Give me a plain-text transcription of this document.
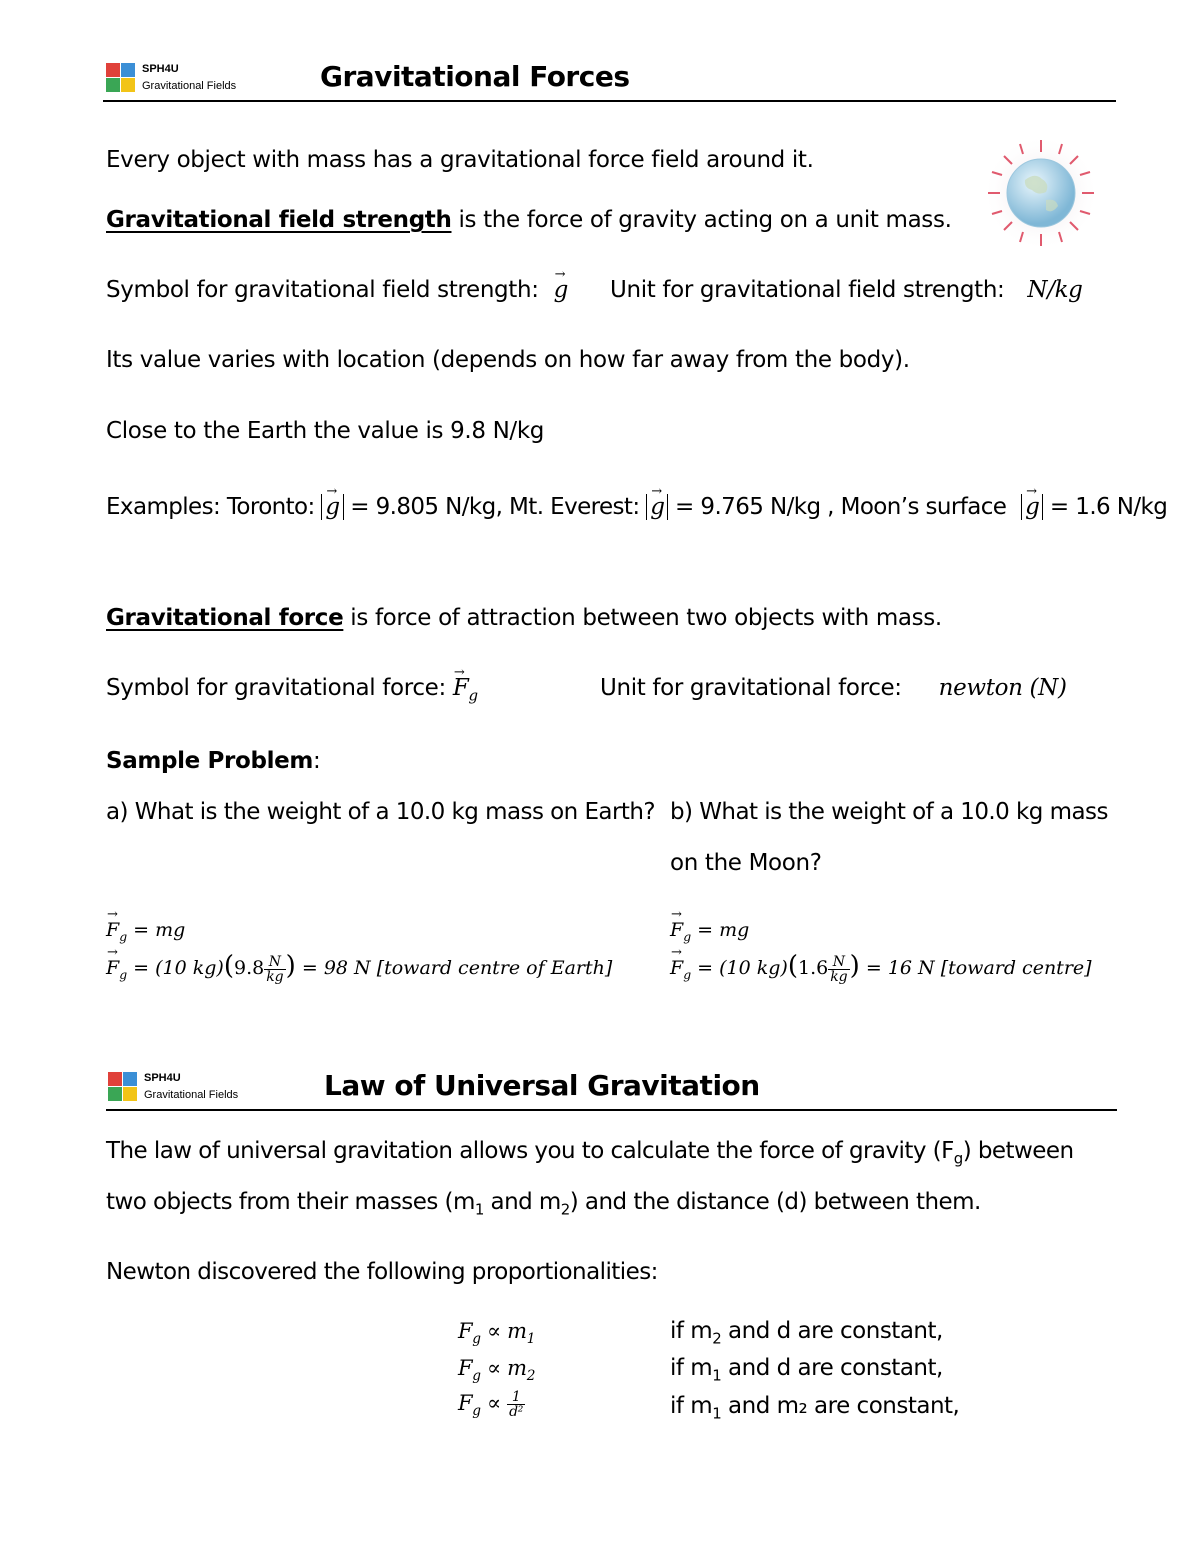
SPH4U
Gravitational Fields	Gravitational Forces
Every object with mass has a gravitational force field around it.
Gravitational field strength is the force of gravity acting on a unit mass.
Symbol for gravitational field strength: → g Unit for gravitational field strength: N/kg
Its value varies with location (depends on how far away from the body).
Close to the Earth the value is 9.8 N/kg
Examples: Toronto: → g = 9.805 N/kg, Mt. Everest: → g = 9.765 N/kg , Moon’s surface → g = 1.6 N/kg
Gravitational force is force of attraction between two objects with mass.
Symbol for gravitational force: → $F_g$	Unit for gravitational force: newton (N)
Sample Problem:
a) What is the weight of a 10.0 kg mass on Earth? b) What is the weight of a 10.0 kg mass
on the Moon?
→ $F_g$ = mg
→ $F_g = (10$ $kg)(9.8 \frac{N}{kg}$ ) = 98 N [toward centre of Earth]
→ $F_g$ = mg
→ $F_g = (10$ $kg)(1.6 \frac{N}{kg}$ ) = 16 N [toward centre]
SPH4U
Gravitational Fields	Law of Universal Gravitation
The law of universal gravitation allows you to calculate the force of gravity $(F_g)$ between
two objects from their masses ($m_1$ and $m_2$) and the distance (d) between them.
Newton discovered the following proportionalities:
$F_g \propto m_1$	if $m_2$ and d are constant,
$F_g \propto m_2$	if $m_1$ and d are constant,
$F_g \propto \frac{1}{\text{d²}}$	if $m_1$ and m₂ are constant,
